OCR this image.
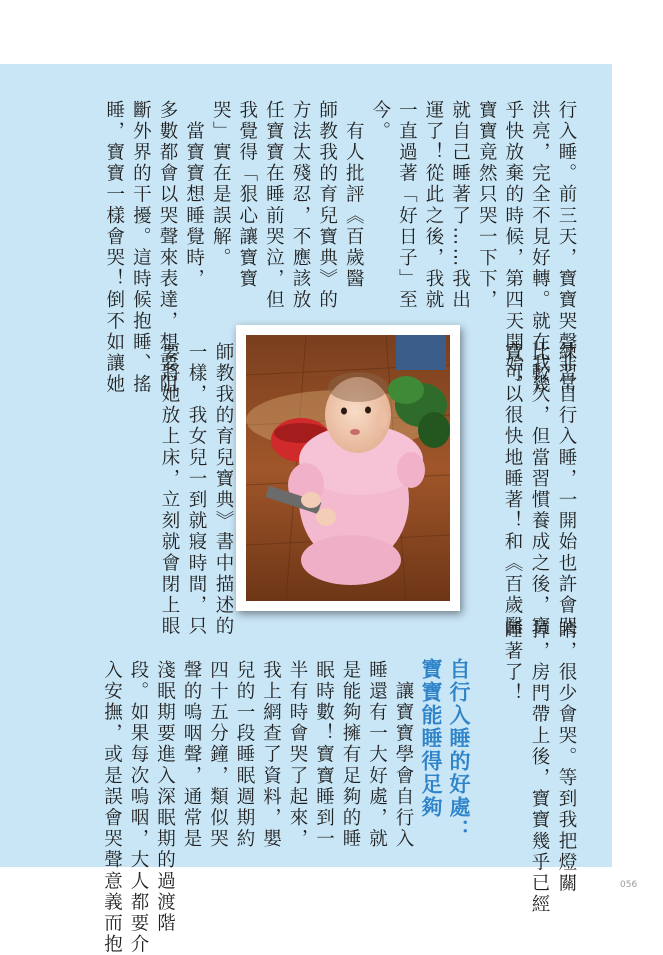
行入睡。前三天，寶寶哭聲非常
洪亮，完全不見好轉。就在我幾
乎快放棄的時候，第四天開始，
寶寶竟然只哭一下下，
就自己睡著了……我出
運了！從此之後，我就
一直過著「好日子」至
今。
　有人批評《百歲醫
師教我的育兒寶典》的
方法太殘忍，不應該放
任寶寶在睡前哭泣，但
我覺得「狠心讓寶寶
哭」實在是誤解。
　當寶寶想睡覺時，
多數都會以哭聲來表達，想要阻
斷外界的干擾。這時候抱睡、搖
睡，寶寶一樣會哭！倒不如讓她
練習自行入睡，一開始也許會哭
比較久，但當習慣養成之後，寶
寶可以很快地睡著！和《百歲醫
師教我的育兒寶典》書中描述的
一樣，我女兒一到就寢時間，只
要將她放上床，立刻就會閉上眼
睛，很少會哭。等到我把燈關
掉，房門帶上後，寶寶幾乎已經
睡著了！
自行入睡的好處：
寶寶能睡得足夠
　讓寶寶學會自行入
睡還有一大好處，就
是能夠擁有足夠的睡
眠時數！寶寶睡到一
半有時會哭了起來，
我上網查了資料，嬰
兒的一段睡眠週期約
四十五分鐘，類似哭
聲的嗚咽聲，通常是
淺眠期要進入深眠期的過渡階
段。如果每次嗚咽，大人都要介
入安撫，或是誤會哭聲意義而抱	056
